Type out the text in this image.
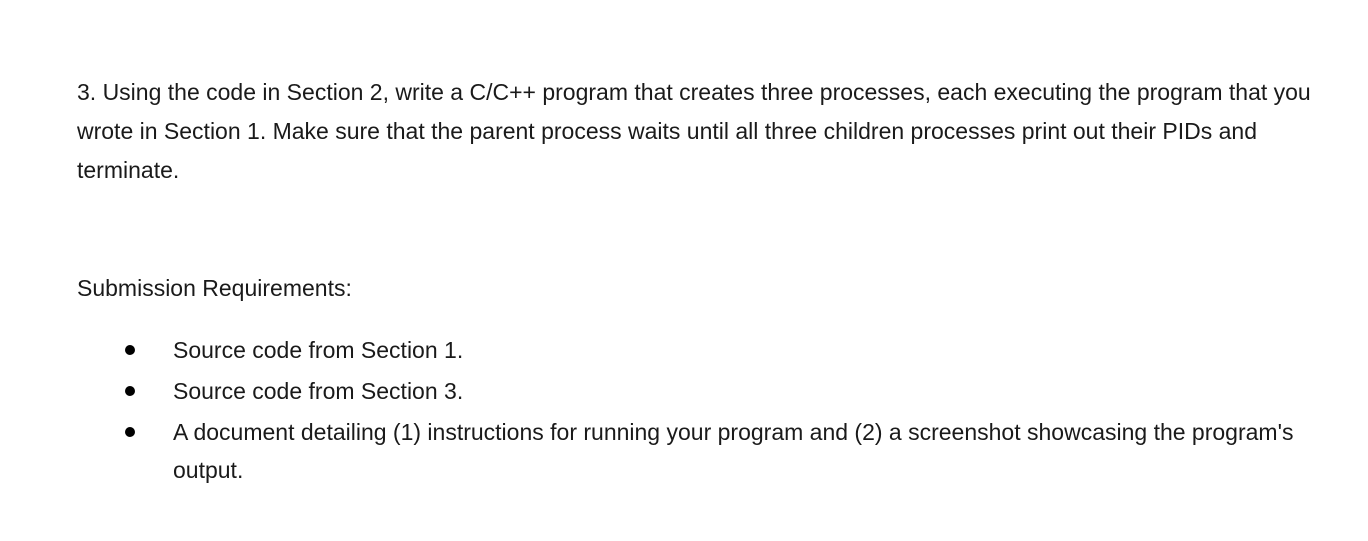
3. Using the code in Section 2, write a C/C++ program that creates three processes, each executing the program that you wrote in Section 1. Make sure that the parent process waits until all three children processes print out their PIDs and terminate.

Submission Requirements:

Source code from Section 1.
Source code from Section 3.
A document detailing (1) instructions for running your program and (2) a screenshot showcasing the program's output.
